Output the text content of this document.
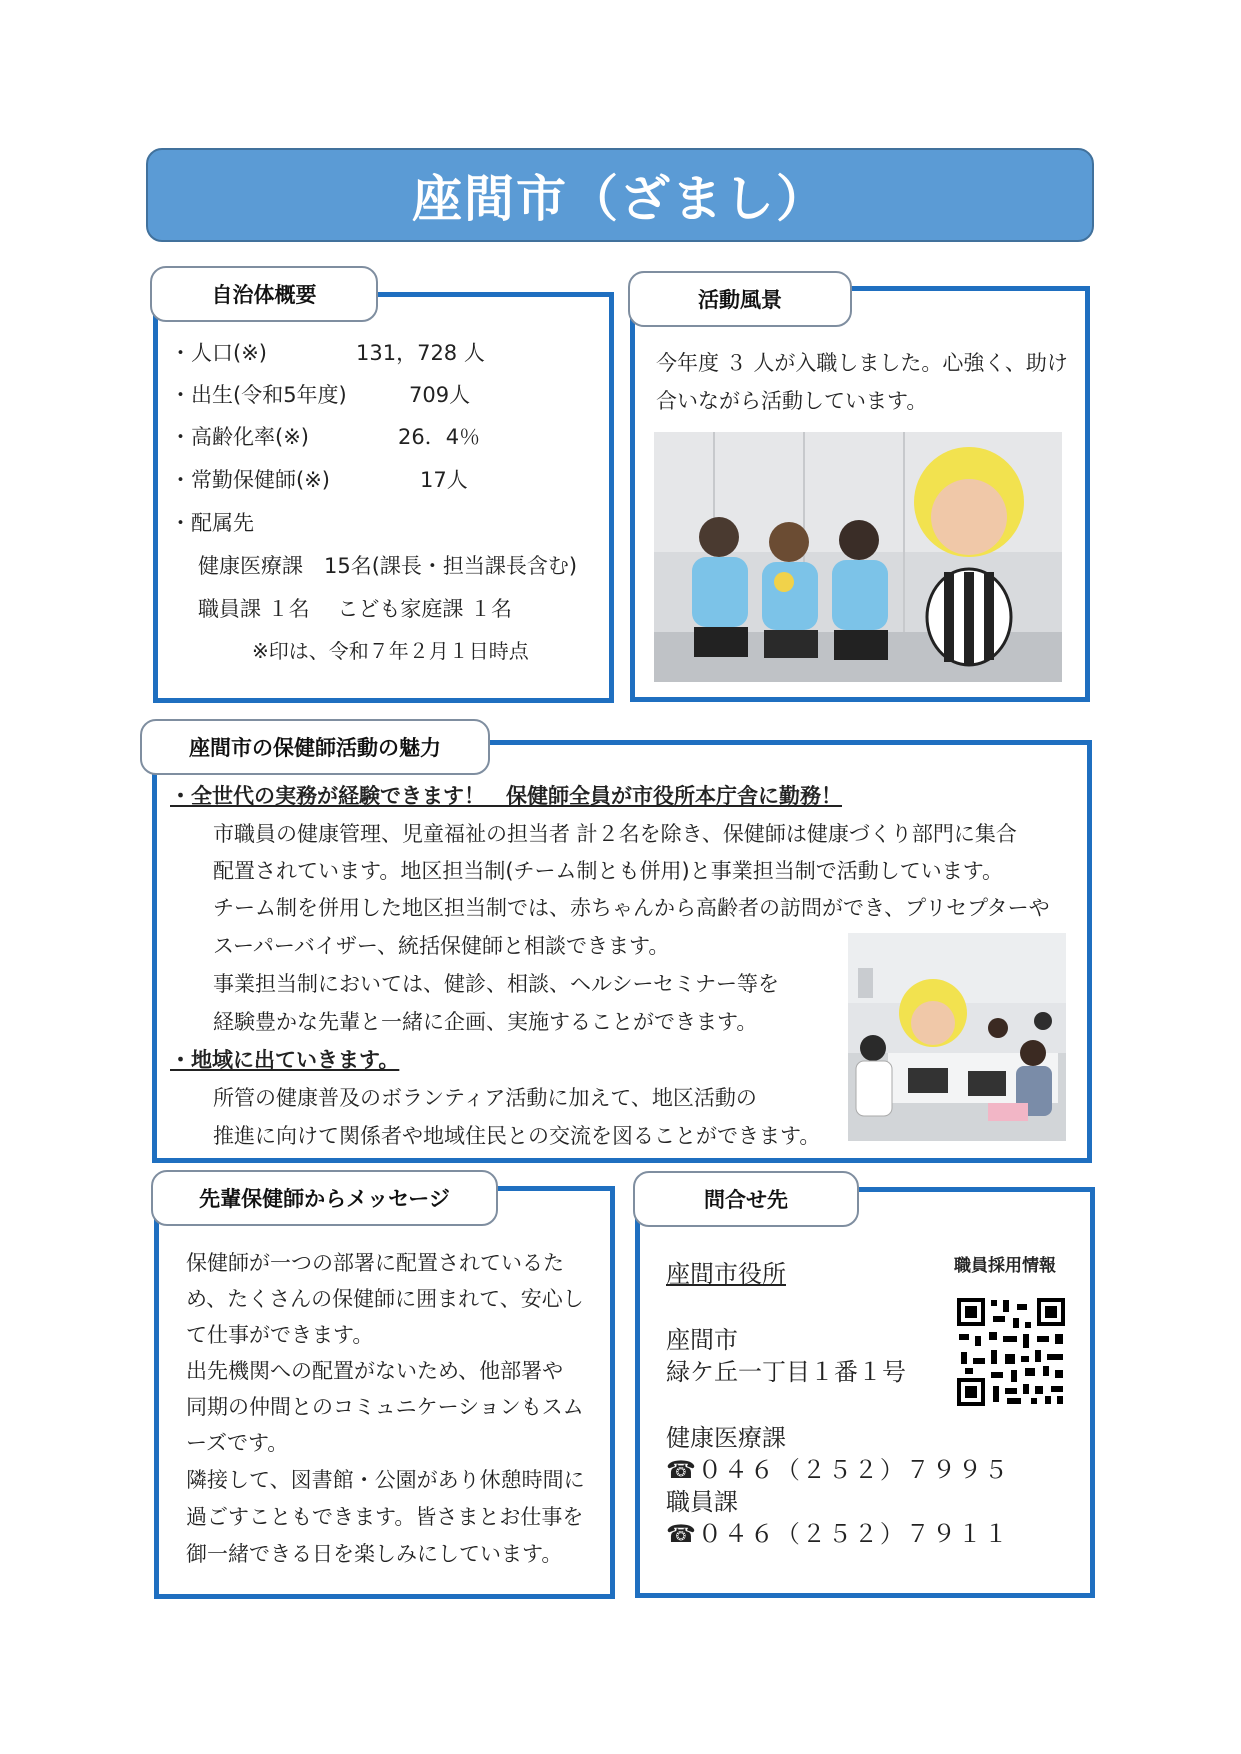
座間市（ざまし）
自治体概要
・人口(※)	131，728 人
・出生(令和5年度)	709人
・高齢化率(※)	26．4％
・常勤保健師(※)	17人
・配属先
健康医療課　15名(課長・担当課長含む)
職員課 １名　 こども家庭課 １名
※印は、令和７年２月１日時点
活動風景
今年度 ３ 人が入職しました。心強く、助け
合いながら活動しています。
座間市の保健師活動の魅力
・全世代の実務が経験できます！　保健師全員が市役所本庁舎に勤務！
市職員の健康管理、児童福祉の担当者 計２名を除き、保健師は健康づくり部門に集合
配置されています。地区担当制(チーム制とも併用)と事業担当制で活動しています。
チーム制を併用した地区担当制では、赤ちゃんから高齢者の訪問ができ、プリセプターや
スーパーバイザー、統括保健師と相談できます。
事業担当制においては、健診、相談、ヘルシーセミナー等を
経験豊かな先輩と一緒に企画、実施することができます。
・地域に出ていきます。
所管の健康普及のボランティア活動に加えて、地区活動の
推進に向けて関係者や地域住民との交流を図ることができます。
先輩保健師からメッセージ
保健師が一つの部署に配置されているた
め、たくさんの保健師に囲まれて、安心し
て仕事ができます。
出先機関への配置がないため、他部署や
同期の仲間とのコミュニケーションもスム
ーズです。
隣接して、図書館・公園があり休憩時間に
過ごすこともできます。皆さまとお仕事を
御一緒できる日を楽しみにしています。
問合せ先
座間市役所	職員採用情報
座間市
緑ケ丘一丁目１番１号
健康医療課
☎０４６（２５２）７９９５
職員課
☎０４６（２５２）７９１１
